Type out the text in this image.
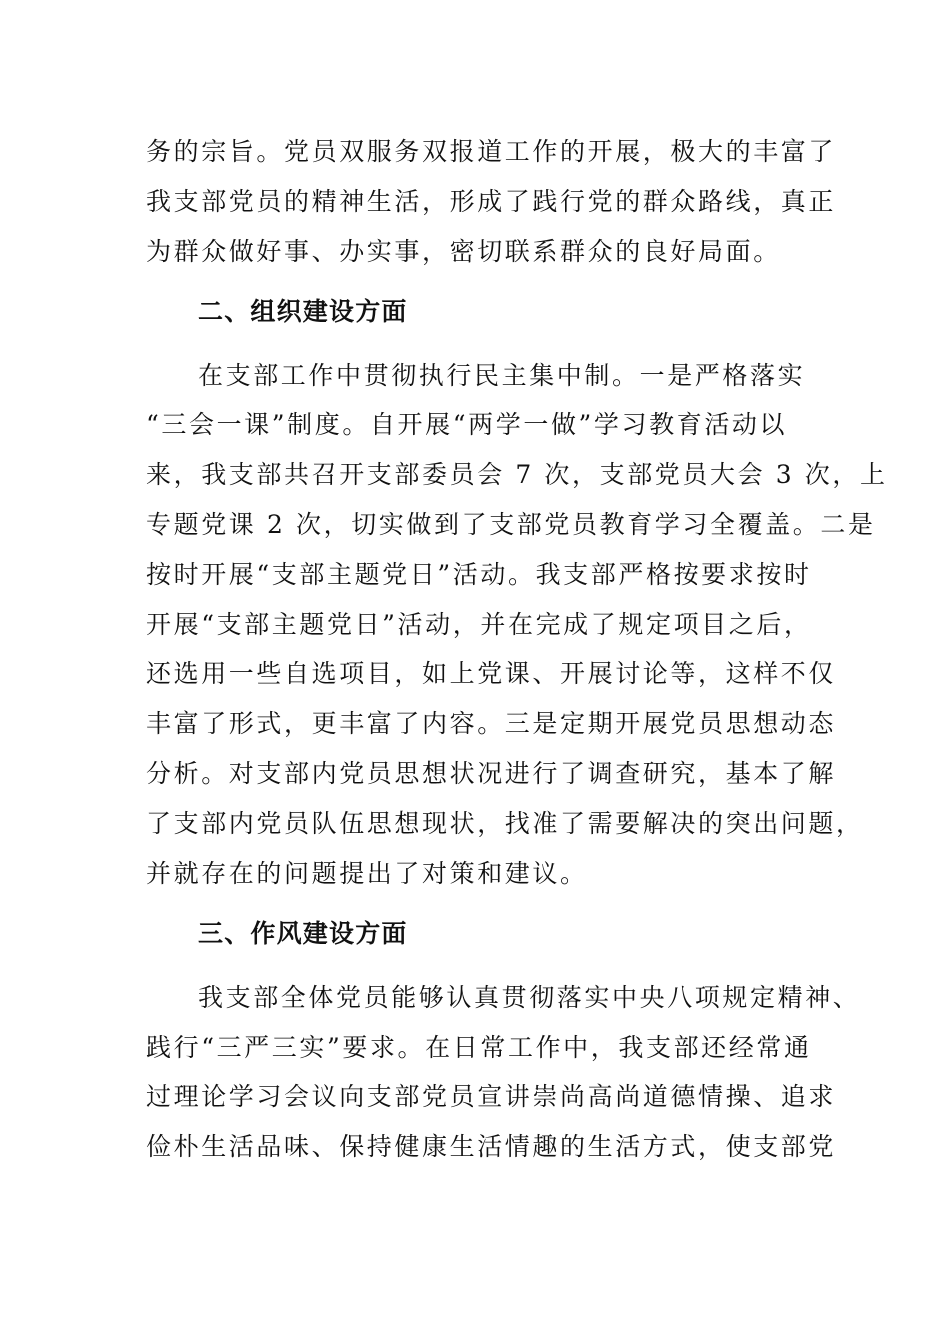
务的宗旨。党员双服务双报道工作的开展，极大的丰富了
我支部党员的精神生活，形成了践行党的群众路线，真正
为群众做好事、办实事，密切联系群众的良好局面。
二、组织建设方面
在支部工作中贯彻执行民主集中制。一是严格落实
“三会一课”制度。自开展“两学一做”学习教育活动以
来，我支部共召开支部委员会 7 次，支部党员大会 3 次，上
专题党课 2 次，切实做到了支部党员教育学习全覆盖。二是
按时开展“支部主题党日”活动。我支部严格按要求按时
开展“支部主题党日”活动，并在完成了规定项目之后，
还选用一些自选项目，如上党课、开展讨论等，这样不仅
丰富了形式，更丰富了内容。三是定期开展党员思想动态
分析。对支部内党员思想状况进行了调查研究，基本了解
了支部内党员队伍思想现状，找准了需要解决的突出问题，
并就存在的问题提出了对策和建议。
三、作风建设方面
我支部全体党员能够认真贯彻落实中央八项规定精神、
践行“三严三实”要求。在日常工作中，我支部还经常通
过理论学习会议向支部党员宣讲崇尚高尚道德情操、追求
俭朴生活品味、保持健康生活情趣的生活方式，使支部党
